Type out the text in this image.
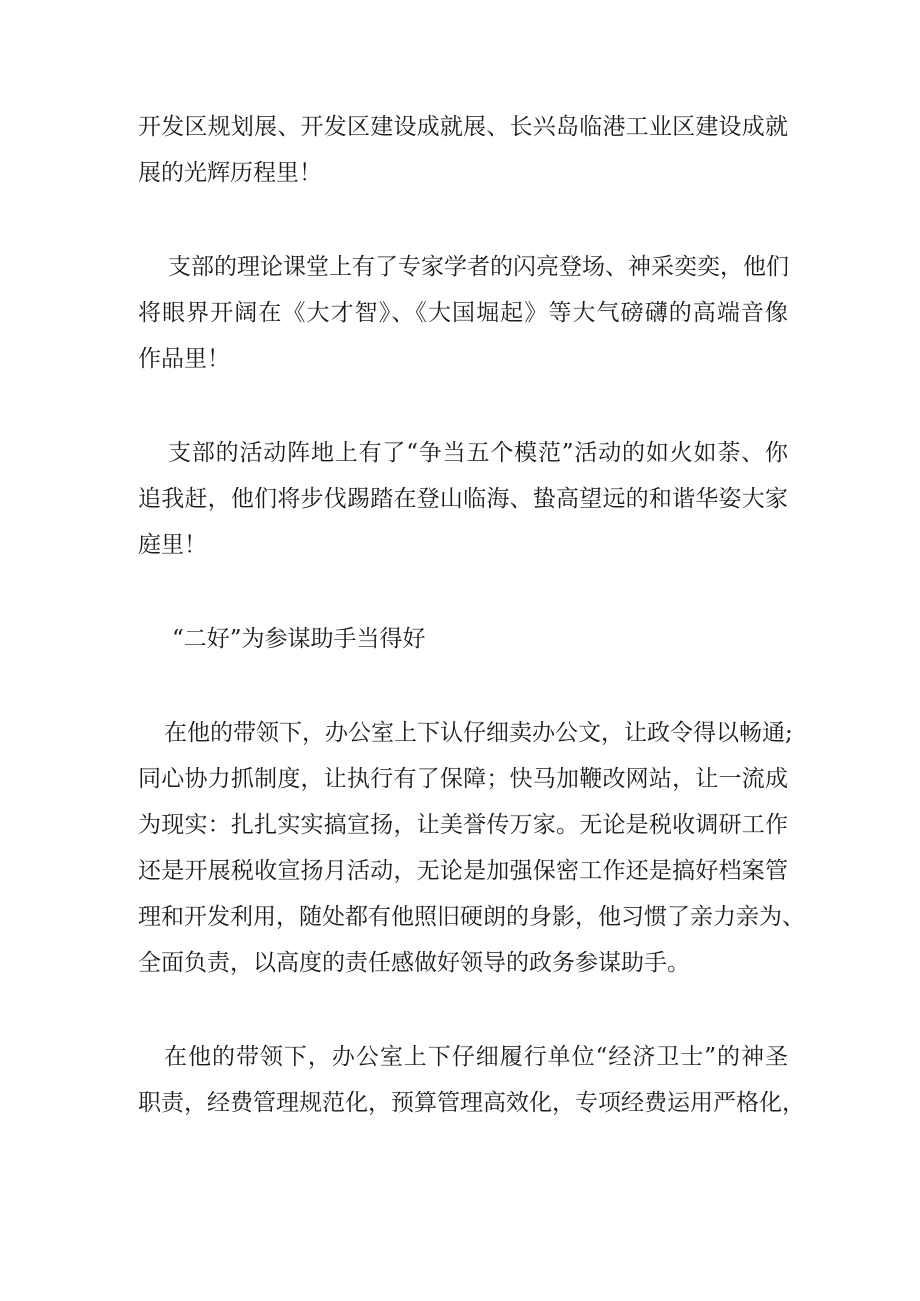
开发区规划展、开发区建设成就展、长兴岛临港工业区建设成就
展的光辉历程里！
支部的理论课堂上有了专家学者的闪亮登场、神采奕奕，他们
将眼界开阔在《大才智》、《大国堀起》等大气磅礴的高端音像
作品里！
支部的活动阵地上有了“争当五个模范”活动的如火如荼、你
追我赶，他们将步伐踢踏在登山临海、蛰高望远的和谐华姿大家
庭里！
“二好”为参谋助手当得好
在他的带领下，办公室上下认仔细卖办公文，让政令得以畅通;
同心协力抓制度，让执行有了保障；快马加鞭改网站，让一流成
为现实：扎扎实实搞宣扬，让美誉传万家。无论是税收调研工作
还是开展税收宣扬月活动，无论是加强保密工作还是搞好档案管
理和开发利用，随处都有他照旧硬朗的身影，他习惯了亲力亲为、
全面负责，以高度的责任感做好领导的政务参谋助手。
在他的带领下，办公室上下仔细履行单位“经济卫士”的神圣
职责，经费管理规范化，预算管理高效化，专项经费运用严格化，
